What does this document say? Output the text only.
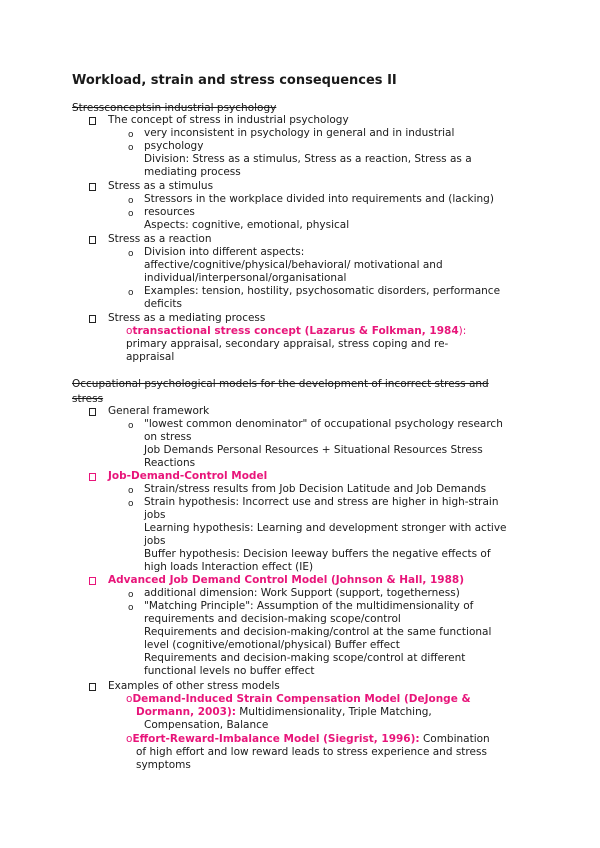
Workload, strain and stress consequences II
Stressconceptsin industrial psychology
The concept of stress in industrial psychology
o very inconsistent in psychology in general and in industrial
o psychology
Division: Stress as a stimulus, Stress as a reaction, Stress as a
mediating process
Stress as a stimulus
o Stressors in the workplace divided into requirements and (lacking)
o resources
Aspects: cognitive, emotional, physical
Stress as a reaction
o Division into different aspects:
affective/cognitive/physical/behavioral/ motivational and
individual/interpersonal/organisational
o Examples: tension, hostility, psychosomatic disorders, performance
deficits
Stress as a mediating process
otransactional stress concept (Lazarus & Folkman, 1984):
primary appraisal, secondary appraisal, stress coping and re-
appraisal
Occupational psychological models for the development of incorrect stress and
stress
General framework
o "lowest common denominator" of occupational psychology research
on stress
Job Demands Personal Resources + Situational Resources Stress
Reactions
Job-Demand-Control Model
o Strain/stress results from Job Decision Latitude and Job Demands
o Strain hypothesis: Incorrect use and stress are higher in high-strain
jobs
Learning hypothesis: Learning and development stronger with active
jobs
Buffer hypothesis: Decision leeway buffers the negative effects of
high loads Interaction effect (IE)
Advanced Job Demand Control Model (Johnson & Hall, 1988)
o additional dimension: Work Support (support, togetherness)
o "Matching Principle": Assumption of the multidimensionality of
requirements and decision-making scope/control
Requirements and decision-making/control at the same functional
level (cognitive/emotional/physical) Buffer effect
Requirements and decision-making scope/control at different
functional levels no buffer effect
Examples of other stress models
oDemand-Induced Strain Compensation Model (DeJonge &
Dormann, 2003): Multidimensionality, Triple Matching,
Compensation, Balance
oEffort-Reward-Imbalance Model (Siegrist, 1996): Combination
of high effort and low reward leads to stress experience and stress
symptoms
